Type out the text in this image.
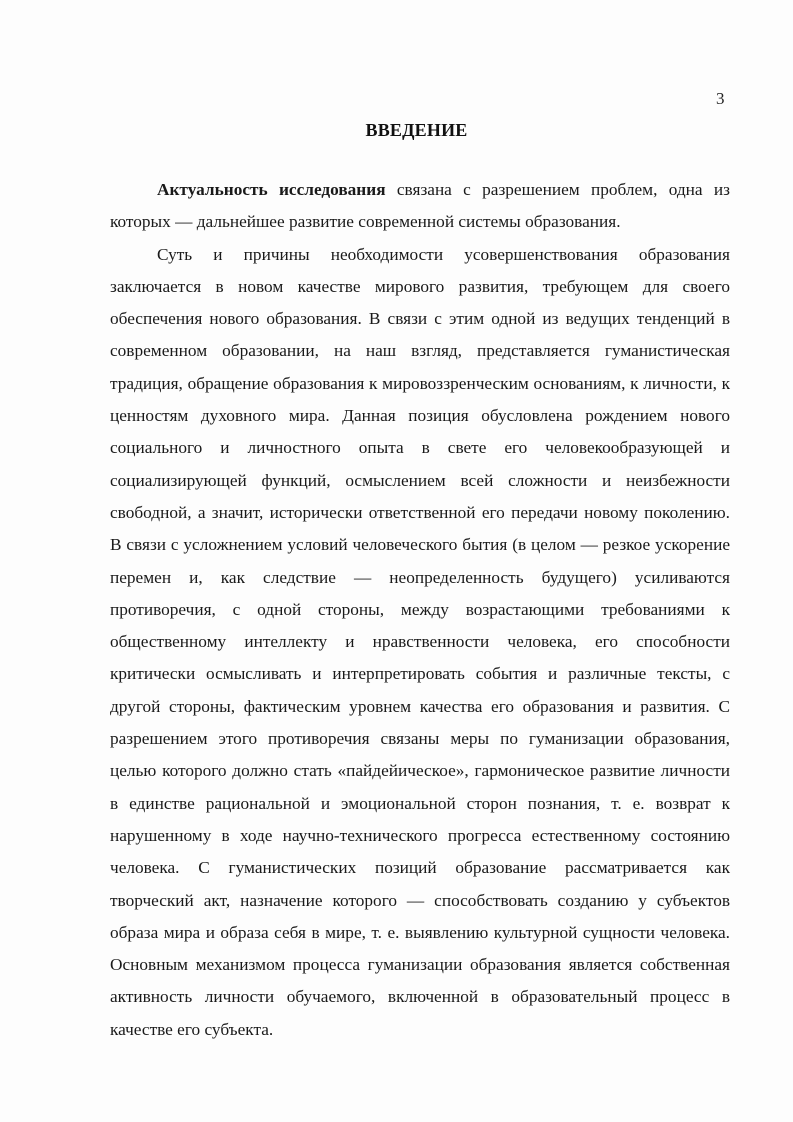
3
ВВЕДЕНИЕ

Актуальность исследования связана с разрешением проблем, одна из которых — дальнейшее развитие современной системы образования.

Суть и причины необходимости усовершенствования образования заключается в новом качестве мирового развития, требующем для своего обеспечения нового образования. В связи с этим одной из ведущих тенденций в современном образовании, на наш взгляд, представляется гуманистическая традиция, обращение образования к мировоззренческим основаниям, к личности, к ценностям духовного мира. Данная позиция обусловлена рождением нового социального и личностного опыта в свете его человекообразующей и социализирующей функций, осмыслением всей сложности и неизбежности свободной, а значит, исторически ответственной его передачи новому поколению. В связи с усложнением условий человеческого бытия (в целом — резкое ускорение перемен и, как следствие — неопределенность будущего) усиливаются противоречия, с одной стороны, между возрастающими требованиями к общественному интеллекту и нравственности человека, его способности критически осмысливать и интерпретировать события и различные тексты, с другой стороны, фактическим уровнем качества его образования и развития. С разрешением этого противоречия связаны меры по гуманизации образования, целью которого должно стать «пайдейическое», гармоническое развитие личности в единстве рациональной и эмоциональной сторон познания, т. е. возврат к нарушенному в ходе научно-технического прогресса естественному состоянию человека. С гуманистических позиций образование рассматривается как творческий акт, назначение которого — способствовать созданию у субъектов образа мира и образа себя в мире, т. е. выявлению культурной сущности человека. Основным механизмом процесса гуманизации образования является собственная активность личности обучаемого, включенной в образовательный процесс в качестве его субъекта.
